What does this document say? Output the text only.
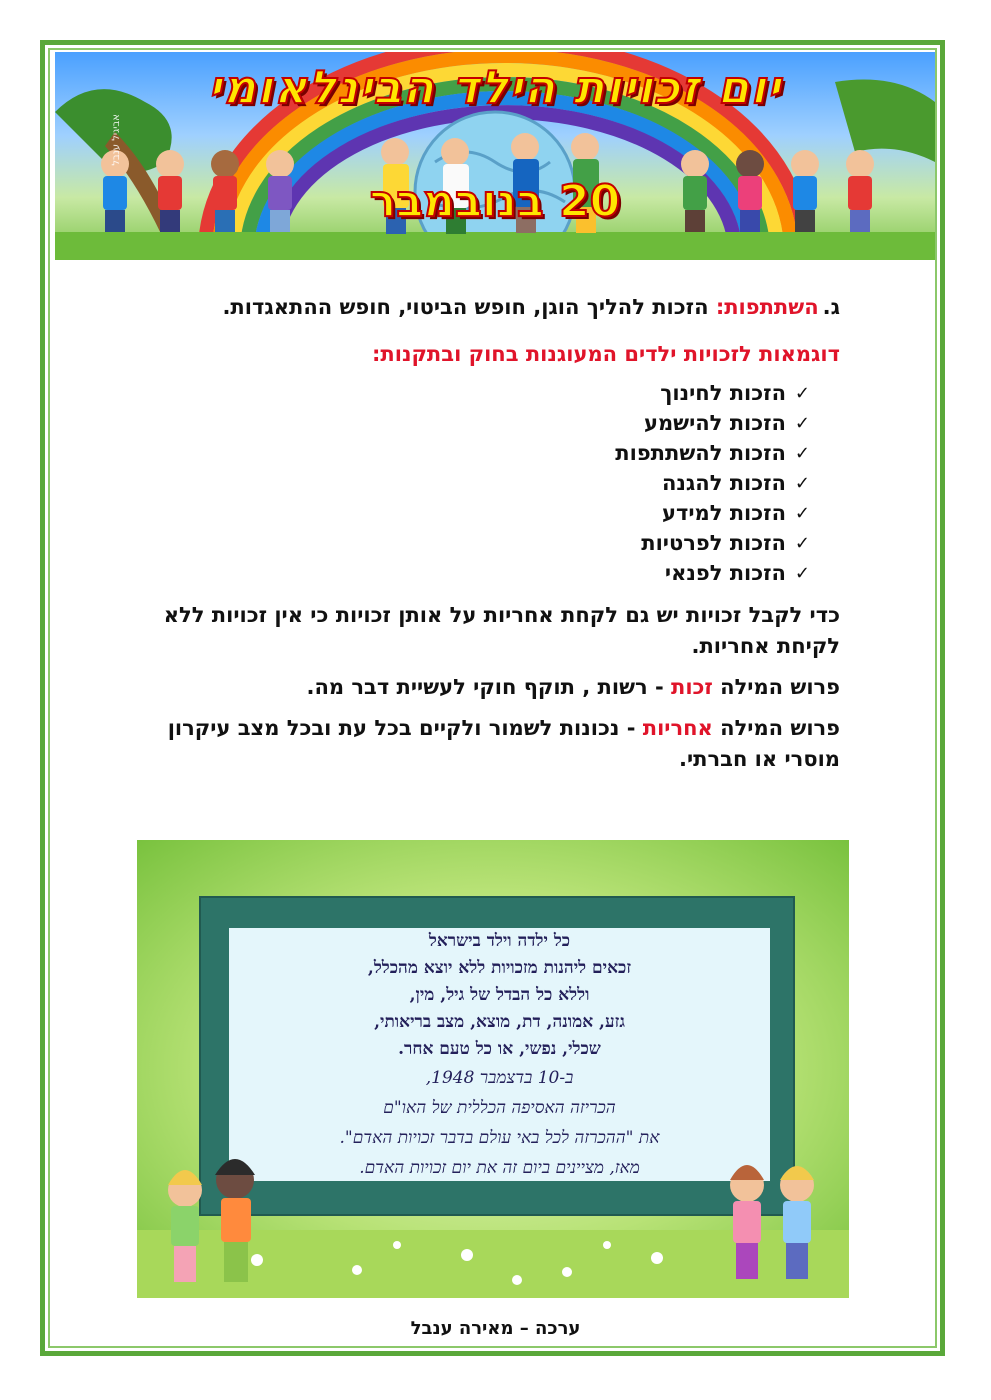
יום זכויות הילד הבינלאומי
20 בנובמבר
אביגיל ענבל
ג.
השתתפות: הזכות להליך הוגן, חופש הביטוי, חופש ההתאגדות.
דוגמאות לזכויות ילדים המעוגנות בחוק ובתקנות:
✓
הזכות לחינוך
✓
הזכות להישמע
✓
הזכות להשתתפות
✓
הזכות להגנה
✓
הזכות למידע
✓
הזכות לפרטיות
✓
הזכות לפנאי
כדי לקבל זכויות יש גם לקחת אחריות על אותן זכויות כי אין זכויות ללא לקיחת אחריות.
פרוש המילה זכות - רשות , תוקף חוקי לעשיית דבר מה.
פרוש המילה אחריות - נכונות לשמור ולקיים בכל עת ובכל מצב עיקרון מוסרי או חברתי.
כל ילדה וילד בישראל
זכאים ליהנות מזכויות ללא יוצא מהכלל,
וללא כל הבדל של גיל, מין,
גזע, אמונה, דת, מוצא, מצב בריאותי,
שכלי, נפשי, או כל טעם אחר.
ב-10 בדצמבר 1948,
הכריזה האסיפה הכללית של האו"ם
את "ההכרזה לכל באי עולם בדבר זכויות האדם".
מאז, מציינים ביום זה את יום זכויות האדם.
ערכה – מאירה ענבל
